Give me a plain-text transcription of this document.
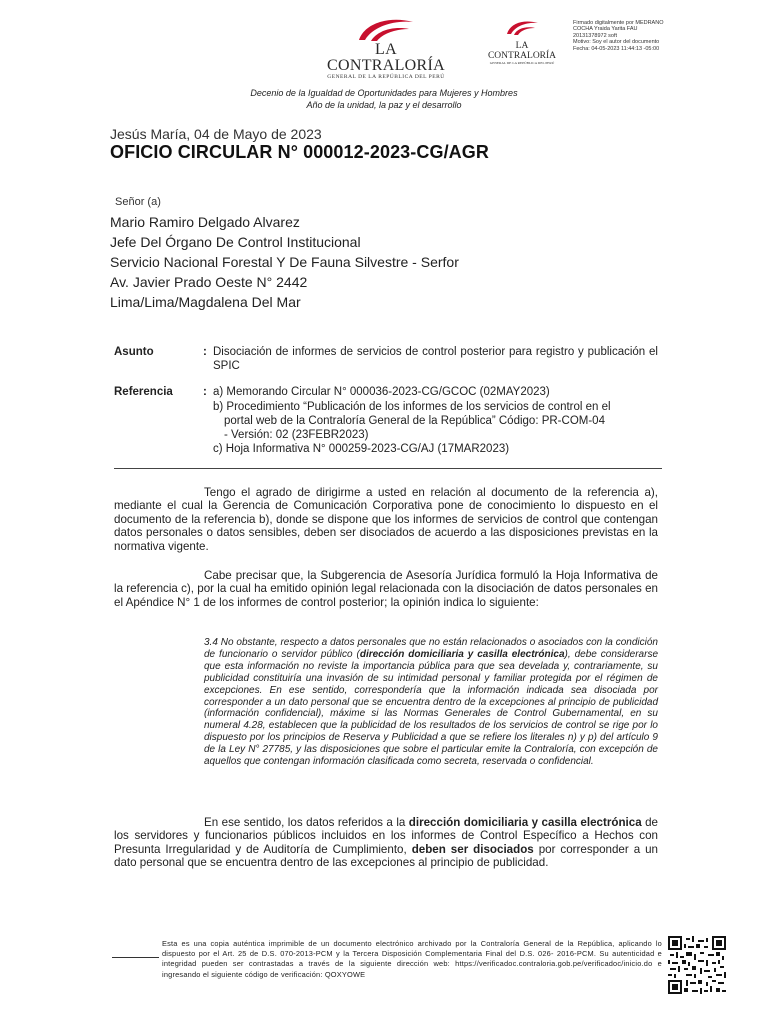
LA CONTRALORÍA
GENERAL DE LA REPÚBLICA DEL PERÚ
LA CONTRALORÍA
GENERAL DE LA REPÚBLICA DEL PERÚ
Firmado digitalmente por MEDRANO
COCHA Yraida Yarita FAU
20131378972 soft
Motivo: Soy el autor del documento
Fecha: 04-05-2023 11:44:13 -05:00
Decenio de la Igualdad de Oportunidades para Mujeres y Hombres
Año de la unidad, la paz y el desarrollo
Jesús María, 04 de Mayo de 2023
OFICIO CIRCULAR N° 000012-2023-CG/AGR
Señor (a)
Mario Ramiro Delgado Alvarez
Jefe Del Órgano De Control Institucional
Servicio Nacional Forestal Y De Fauna Silvestre - Serfor
Av. Javier Prado Oeste N° 2442
Lima/Lima/Magdalena Del Mar
Asunto	: Disociación de informes de servicios de control posterior para registro y publicación el SPIC
Referencia	: a) Memorando Circular N° 000036-2023-CG/GCOC (02MAY2023)
b) Procedimiento “Publicación de los informes de los servicios de control en el
portal web de la Contraloría General de la República” Código: PR-COM-04
- Versión: 02 (23FEBR2023)
c) Hoja Informativa N° 000259-2023-CG/AJ (17MAR2023)
Tengo el agrado de dirigirme a usted en relación al documento de la referencia a), mediante el cual la Gerencia de Comunicación Corporativa pone de conocimiento lo dispuesto en el documento de la referencia b), donde se dispone que los informes de servicios de control que contengan datos personales o datos sensibles, deben ser disociados de acuerdo a las disposiciones previstas en la normativa vigente.
Cabe precisar que, la Subgerencia de Asesoría Jurídica formuló la Hoja Informativa de la referencia c), por la cual ha emitido opinión legal relacionada con la disociación de datos personales en el Apéndice N° 1 de los informes de control posterior; la opinión indica lo siguiente:
3.4 No obstante, respecto a datos personales que no están relacionados o asociados con la condición de funcionario o servidor público (dirección domiciliaria y casilla electrónica), debe considerarse que esta información no reviste la importancia pública para que sea develada y, contrariamente, su publicidad constituiría una invasión de su intimidad personal y familiar protegida por el régimen de excepciones. En ese sentido, correspondería que la información indicada sea disociada por corresponder a un dato personal que se encuentra dentro de la excepciones al principio de publicidad (información confidencial), máxime si las Normas Generales de Control Gubernamental, en su numeral 4.28, establecen que la publicidad de los resultados de los servicios de control se rige por lo dispuesto por los principios de Reserva y Publicidad a que se refiere los literales n) y p) del artículo 9 de la Ley N° 27785, y las disposiciones que sobre el particular emite la Contraloría, con excepción de aquellos que contengan información clasificada como secreta, reservada o confidencial.
En ese sentido, los datos referidos a la dirección domiciliaria y casilla electrónica de los servidores y funcionarios públicos incluidos en los informes de Control Específico a Hechos con Presunta Irregularidad y de Auditoría de Cumplimiento, deben ser disociados por corresponder a un dato personal que se encuentra dentro de las excepciones al principio de publicidad.
Esta es una copia auténtica imprimible de un documento electrónico archivado por la Contraloría General de la República, aplicando lo dispuesto por el Art. 25 de D.S. 070-2013-PCM y la Tercera Disposición Complementaria Final del D.S. 026- 2016-PCM. Su autenticidad e integridad pueden ser contrastadas a través de la siguiente dirección web: https://verificadoc.contraloria.gob.pe/verificadoc/inicio.do e ingresando el siguiente código de verificación: QOXYOWE
